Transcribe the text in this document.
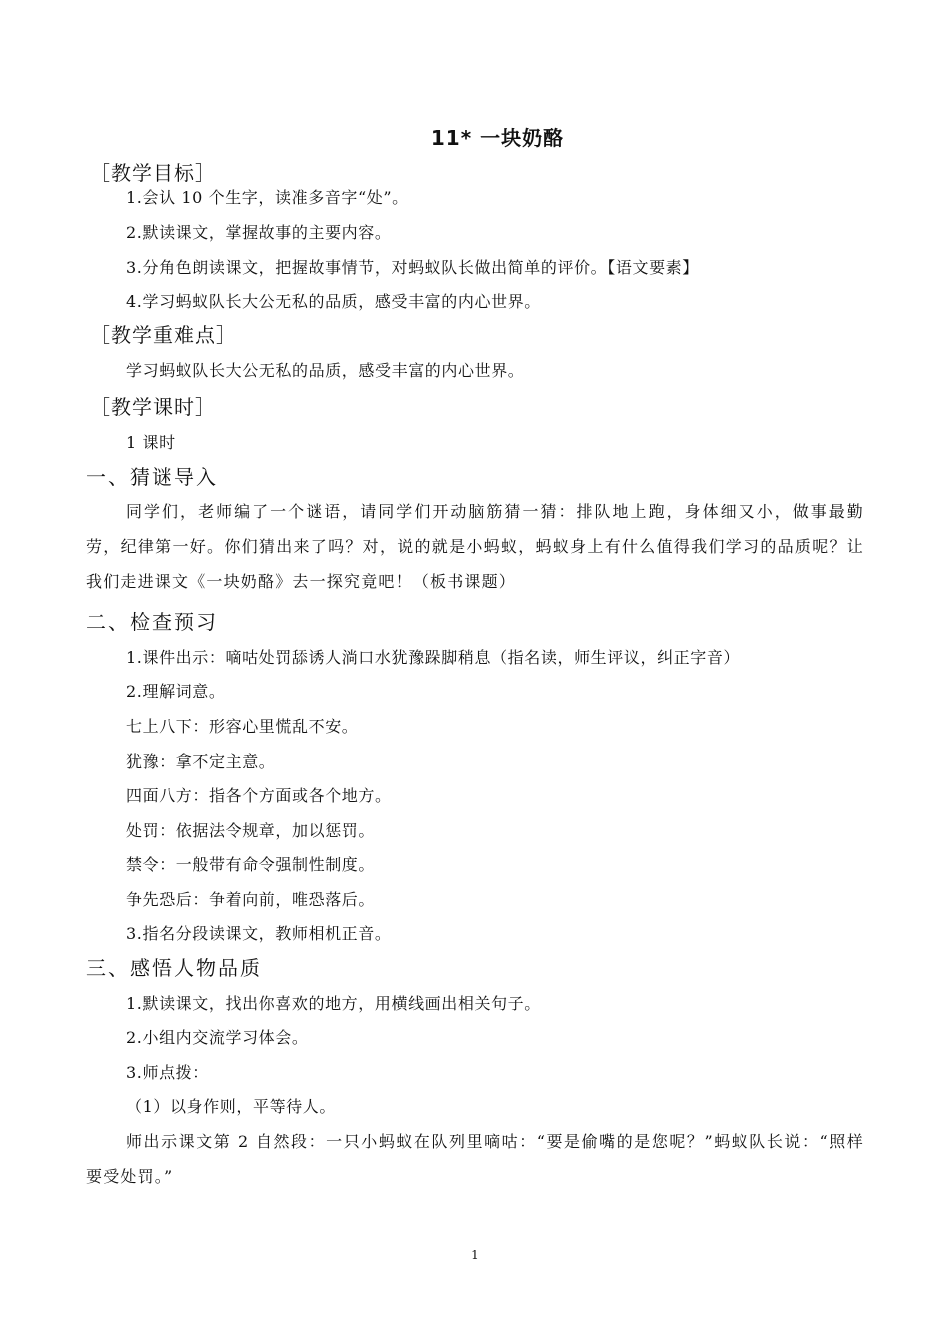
11* 一块奶酪
［教学目标］
1.会认 10 个生字，读准多音字“处”。
2.默读课文，掌握故事的主要内容。
3.分角色朗读课文，把握故事情节，对蚂蚁队长做出简单的评价。【语文要素】
4.学习蚂蚁队长大公无私的品质，感受丰富的内心世界。
［教学重难点］
学习蚂蚁队长大公无私的品质，感受丰富的内心世界。
［教学课时］
1 课时
一、猜谜导入
同学们，老师编了一个谜语，请同学们开动脑筋猜一猜：排队地上跑，身体细又小，做事最勤劳，纪律第一好。你们猜出来了吗？对，说的就是小蚂蚁，蚂蚁身上有什么值得我们学习的品质呢？让我们走进课文《一块奶酪》去一探究竟吧！（板书课题）
二、检查预习
1.课件出示：嘀咕处罚舔诱人淌口水犹豫跺脚稍息（指名读，师生评议，纠正字音）
2.理解词意。
七上八下：形容心里慌乱不安。
犹豫：拿不定主意。
四面八方：指各个方面或各个地方。
处罚：依据法令规章，加以惩罚。
禁令：一般带有命令强制性制度。
争先恐后：争着向前，唯恐落后。
3.指名分段读课文，教师相机正音。
三、感悟人物品质
1.默读课文，找出你喜欢的地方，用横线画出相关句子。
2.小组内交流学习体会。
3.师点拨：
（1）以身作则，平等待人。
师出示课文第 2 自然段：一只小蚂蚁在队列里嘀咕：“要是偷嘴的是您呢？”蚂蚁队长说：“照样要受处罚。”
1
